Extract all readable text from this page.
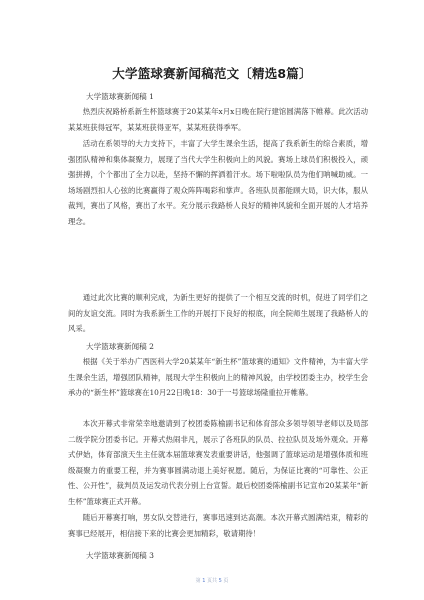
大学篮球赛新闻稿范文〔精选8篇〕
大学篮球赛新闻稿 1

热烈庆祝路桥系新生杯篮球赛于20某某年x月x日晚在院行建馆圆满落下帷幕。此次活动某某班获得冠军，某某班获得亚军，某某班获得季军。

活动在系领导的大力支持下，丰富了大学生课余生活，提高了我系新生的综合素质，增强团队精神和集体凝聚力，展现了当代大学生积极向上的风貌。赛场上球员们积极投入，顽强拼搏，个个都出了全力以赴，坚持不懈的挥洒着汗水。场下啦啦队员为他们呐喊助威。一场场剧烈扣人心弦的比赛赢得了观众阵阵喝彩和掌声。各班队员都能顾大局，识大体，服从裁判，赛出了风格，赛出了水平。充分展示我路桥人良好的精神风貌和全面开展的人才培养理念。

通过此次比赛的顺利完成，为新生更好的提供了一个相互交流的时机，促进了同学们之间的友谊交流。同时为我系新生工作的开展打下良好的根底，向全院师生展现了我路桥人的风采。

大学篮球赛新闻稿 2

根据《关于举办广西医科大学20某某年“新生杯”篮球赛的通知》文件精神，为丰富大学生课余生活，增强团队精神，展现大学生积极向上的精神风貌，由学校团委主办，校学生会承办的“新生杯”篮球赛在10月22日晚18：30于一号篮球场隆重拉开帷幕。

本次开幕式非常荣幸地邀请到了校团委陈榆副书记和体育部众多领导领导老师以及局部二级学院分团委书记。开幕式热闹非凡，展示了各班队的队员、拉拉队员及场外观众。开幕式伊始，体育部演天生主任就本届篮球赛发表重要讲话，他强调了篮球运动是增强体质和班级凝聚力的重要工程，并为赛事圆满动退上美好祝愿。随后，为保证比赛的“可靠性、公正性、公开性”，裁判员及运发动代表分别上台宣誓。最后校团委陈榆副书记宣布20某某年“新生杯”篮球赛正式开幕。

随后开幕赛打响，男女队交替进行，赛事迅速到达高潮。本次开幕式圆满结束，精彩的赛事已经展开，相信接下来的比赛会更加精彩，敬请期待！

大学篮球赛新闻稿 3
第 1 页共 5 页
